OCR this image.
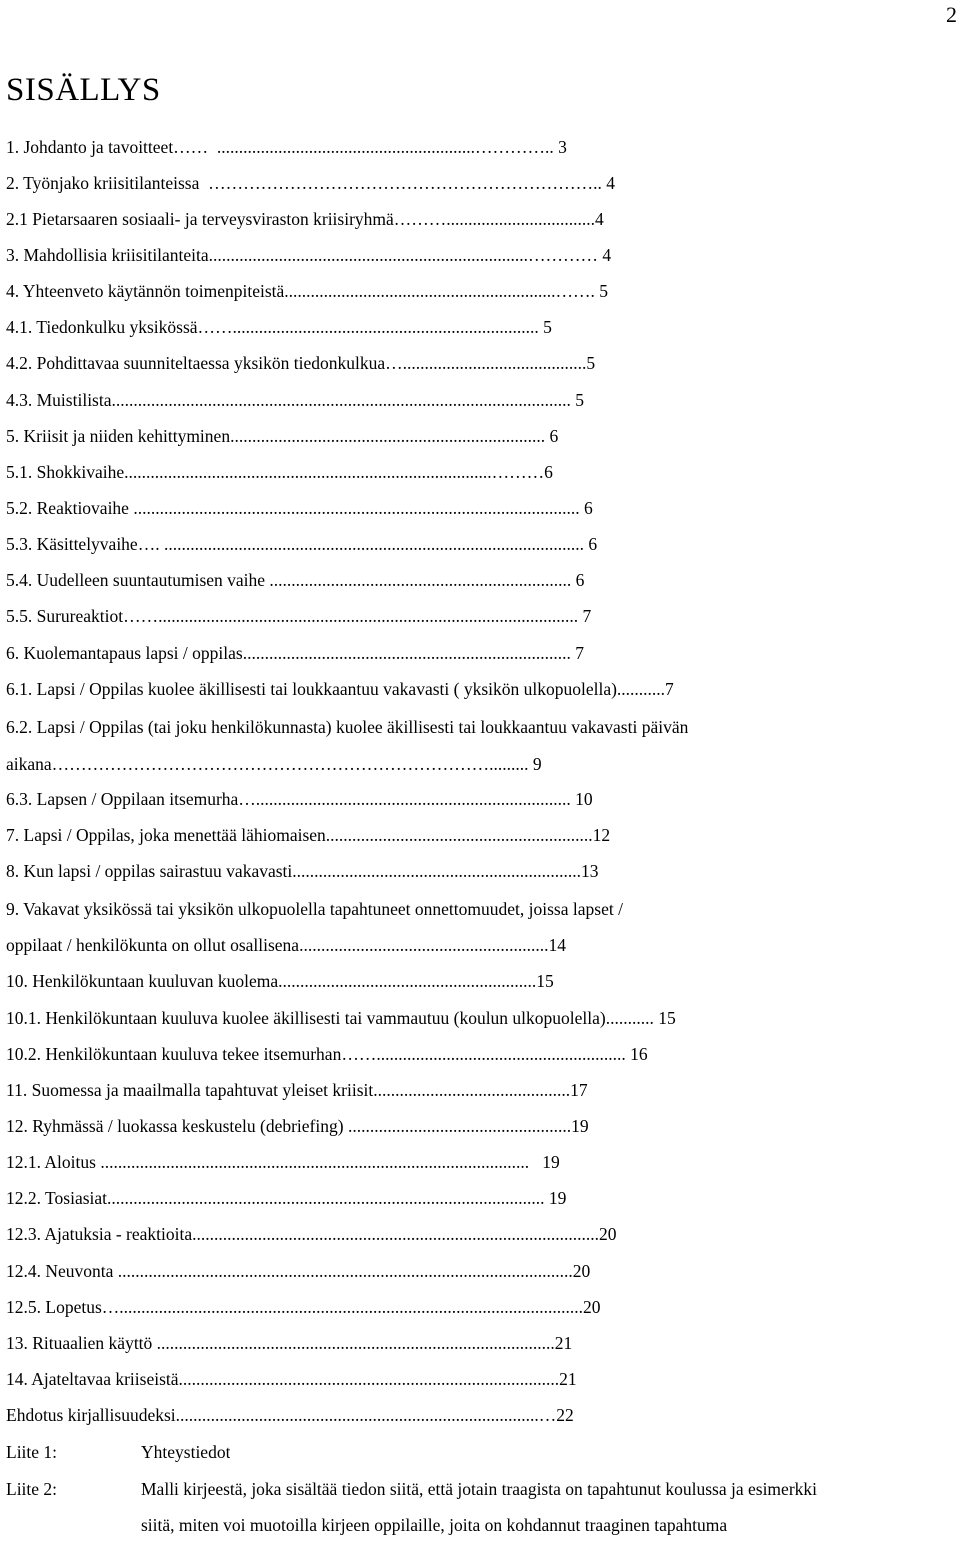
2
SISÄLLYS
1. Johdanto ja tavoitteet……  ...........................................................………….. 3
2. Työnjako kriisitilanteissa  ………………………………………………………….. 4
2.1 Pietarsaaren sosiaali- ja terveysviraston kriisiryhmä………..................................4
3. Mahdollisia kriisitilanteita.........................................................................………… 4
4. Yhteenveto käytännön toimenpiteistä..............................................................……. 5
4.1. Tiedonkulku yksikössä……...................................................................... 5
4.2. Pohdittavaa suunniteltaessa yksikön tiedonkulkua…..........................................5
4.3. Muistilista......................................................................................................... 5
5. Kriisit ja niiden kehittyminen........................................................................ 6
5.1. Shokkivaihe....................................................................................………6
5.2. Reaktiovaihe ...................................................................................................... 6
5.3. Käsittelyvaihe…. ................................................................................................ 6
5.4. Uudelleen suuntautumisen vaihe ..................................................................... 6
5.5. Surureaktiot……................................................................................................ 7
6. Kuolemantapaus lapsi / oppilas........................................................................... 7
6.1. Lapsi / Oppilas kuolee äkillisesti tai loukkaantuu vakavasti ( yksikön ulkopuolella)...........7
6.2. Lapsi / Oppilas (tai joku henkilökunnasta) kuolee äkillisesti tai loukkaantuu vakavasti päivän
aikana…………………………………………………………………......... 9
6.3. Lapsen / Oppilaan itsemurha…........................................................................ 10
7. Lapsi / Oppilas, joka menettää lähiomaisen.............................................................12
8. Kun lapsi / oppilas sairastuu vakavasti..................................................................13
9. Vakavat yksikössä tai yksikön ulkopuolella tapahtuneet onnettomuudet, joissa lapset /
oppilaat / henkilökunta on ollut osallisena.........................................................14
10. Henkilökuntaan kuuluvan kuolema...........................................................15
10.1. Henkilökuntaan kuuluva kuolee äkillisesti tai vammautuu (koulun ulkopuolella)........... 15
10.2. Henkilökuntaan kuuluva tekee itsemurhan……......................................................... 16
11. Suomessa ja maailmalla tapahtuvat yleiset kriisit.............................................17
12. Ryhmässä / luokassa keskustelu (debriefing) ...................................................19
12.1. Aloitus ..................................................................................................   19
12.2. Tosiasiat.................................................................................................... 19
12.3. Ajatuksia - reaktioita.............................................................................................20
12.4. Neuvonta ........................................................................................................20
12.5. Lopetus…..........................................................................................................20
13. Rituaalien käyttö ...........................................................................................21
14. Ajateltavaa kriiseistä.......................................................................................21
Ehdotus kirjallisuudeksi...................................................................................…22
Liite 1:	Yhteystiedot
Liite 2:	Malli kirjeestä, joka sisältää tiedon siitä, että jotain traagista on tapahtunut koulussa ja esimerkki
siitä, miten voi muotoilla kirjeen oppilaille, joita on kohdannut traaginen tapahtuma
